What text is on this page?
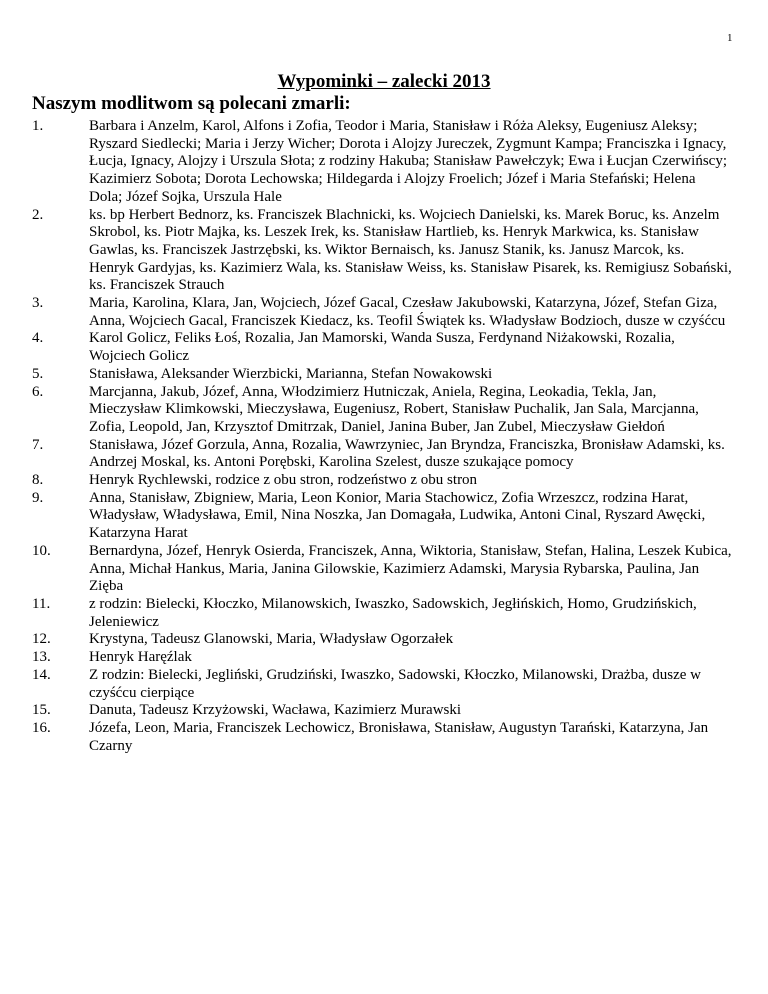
1
Wypominki – zalecki 2013
Naszym modlitwom są polecani zmarli:
1.	Barbara i Anzelm, Karol, Alfons i Zofia, Teodor i Maria, Stanisław i Róża Aleksy, Eugeniusz Aleksy; Ryszard Siedlecki; Maria i Jerzy Wicher; Dorota i Alojzy Jureczek, Zygmunt Kampa; Franciszka i Ignacy, Łucja, Ignacy, Alojzy i Urszula Słota; z rodziny Hakuba; Stanisław Pawełczyk; Ewa i Łucjan Czerwińscy; Kazimierz Sobota; Dorota Lechowska; Hildegarda i Alojzy Froelich; Józef i Maria Stefański; Helena Dola; Józef Sojka, Urszula Hale
2.	ks. bp Herbert Bednorz, ks. Franciszek Blachnicki, ks. Wojciech Danielski, ks. Marek Boruc, ks. Anzelm Skrobol, ks. Piotr Majka, ks. Leszek Irek, ks. Stanisław Hartlieb, ks. Henryk Markwica, ks. Stanisław Gawlas, ks. Franciszek Jastrzębski, ks. Wiktor Bernaisch, ks. Janusz Stanik, ks. Janusz Marcok, ks. Henryk Gardyjas, ks. Kazimierz Wala, ks. Stanisław Weiss, ks. Stanisław Pisarek, ks. Remigiusz Sobański, ks. Franciszek Strauch
3.	Maria, Karolina, Klara, Jan, Wojciech, Józef Gacal, Czesław Jakubowski, Katarzyna, Józef, Stefan Giza, Anna, Wojciech Gacal, Franciszek Kiedacz, ks. Teofil Świątek ks. Władysław Bodzioch, dusze w czyśćcu
4.	Karol Golicz, Feliks Łoś, Rozalia, Jan Mamorski, Wanda Susza, Ferdynand Niżakowski, Rozalia, Wojciech Golicz
5.	Stanisława, Aleksander Wierzbicki, Marianna, Stefan Nowakowski
6.	Marcjanna, Jakub, Józef, Anna, Włodzimierz Hutniczak, Aniela, Regina, Leokadia, Tekla, Jan, Mieczysław Klimkowski, Mieczysława, Eugeniusz, Robert, Stanisław Puchalik, Jan Sala, Marcjanna, Zofia, Leopold, Jan, Krzysztof Dmitrzak, Daniel, Janina Buber, Jan Zubel, Mieczysław Giełdoń
7.	Stanisława, Józef Gorzula, Anna, Rozalia, Wawrzyniec, Jan Bryndza, Franciszka, Bronisław Adamski, ks. Andrzej Moskal, ks. Antoni Porębski, Karolina Szelest, dusze szukające pomocy
8.	Henryk Rychlewski, rodzice z obu stron, rodzeństwo z obu stron
9.	Anna, Stanisław, Zbigniew, Maria, Leon Konior, Maria Stachowicz, Zofia Wrzeszcz, rodzina Harat, Władysław, Władysława, Emil, Nina Noszka, Jan Domagała, Ludwika, Antoni Cinal, Ryszard Awęcki, Katarzyna Harat
10.	Bernardyna, Józef, Henryk Osierda, Franciszek, Anna, Wiktoria, Stanisław, Stefan, Halina, Leszek Kubica, Anna, Michał Hankus, Maria, Janina Gilowskie, Kazimierz Adamski, Marysia Rybarska, Paulina, Jan Zięba
11.	z rodzin: Bielecki, Kłoczko, Milanowskich, Iwaszko, Sadowskich, Jegłińskich, Homo, Grudzińskich, Jeleniewicz
12.	Krystyna, Tadeusz Glanowski, Maria, Władysław Ogorzałek
13.	Henryk Haręźlak
14.	Z rodzin: Bielecki, Jegliński, Grudziński, Iwaszko, Sadowski, Kłoczko, Milanowski, Drażba, dusze w czyśćcu cierpiące
15.	Danuta, Tadeusz Krzyżowski, Wacława, Kazimierz Murawski
16.	Józefa, Leon, Maria, Franciszek Lechowicz, Bronisława, Stanisław, Augustyn Tarański, Katarzyna, Jan Czarny
